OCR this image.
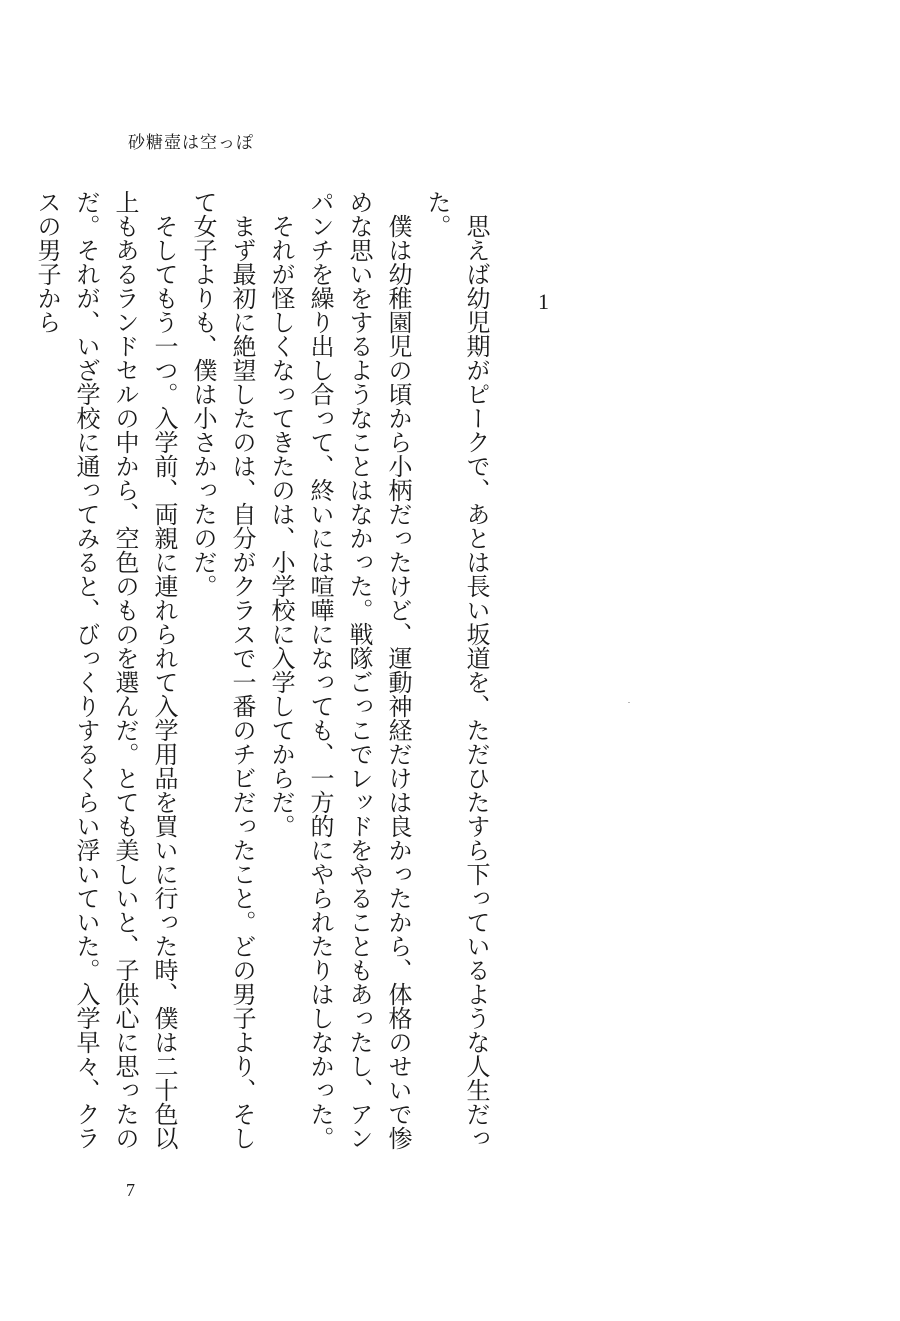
砂糖壺は空っぽ
1

思えば幼児期がピークで、あとは長い坂道を、ただひたすら下っているような人生だった。

僕は幼稚園児の頃から小柄だったけど、運動神経だけは良かったから、体格のせいで惨めな思いをするようなことはなかった。戦隊ごっこでレッドをやることもあったし、アンパンチを繰り出し合って、終いには喧嘩になっても、一方的にやられたりはしなかった。

それが怪しくなってきたのは、小学校に入学してからだ。

まず最初に絶望したのは、自分がクラスで一番のチビだったこと。どの男子より、そして女子よりも、僕は小さかったのだ。

そしてもう一つ。入学前、両親に連れられて入学用品を買いに行った時、僕は二十色以上もあるランドセルの中から、空色のものを選んだ。とても美しいと、子供心に思ったのだ。それが、いざ学校に通ってみると、びっくりするくらい浮いていた。入学早々、クラスの男子から

7
